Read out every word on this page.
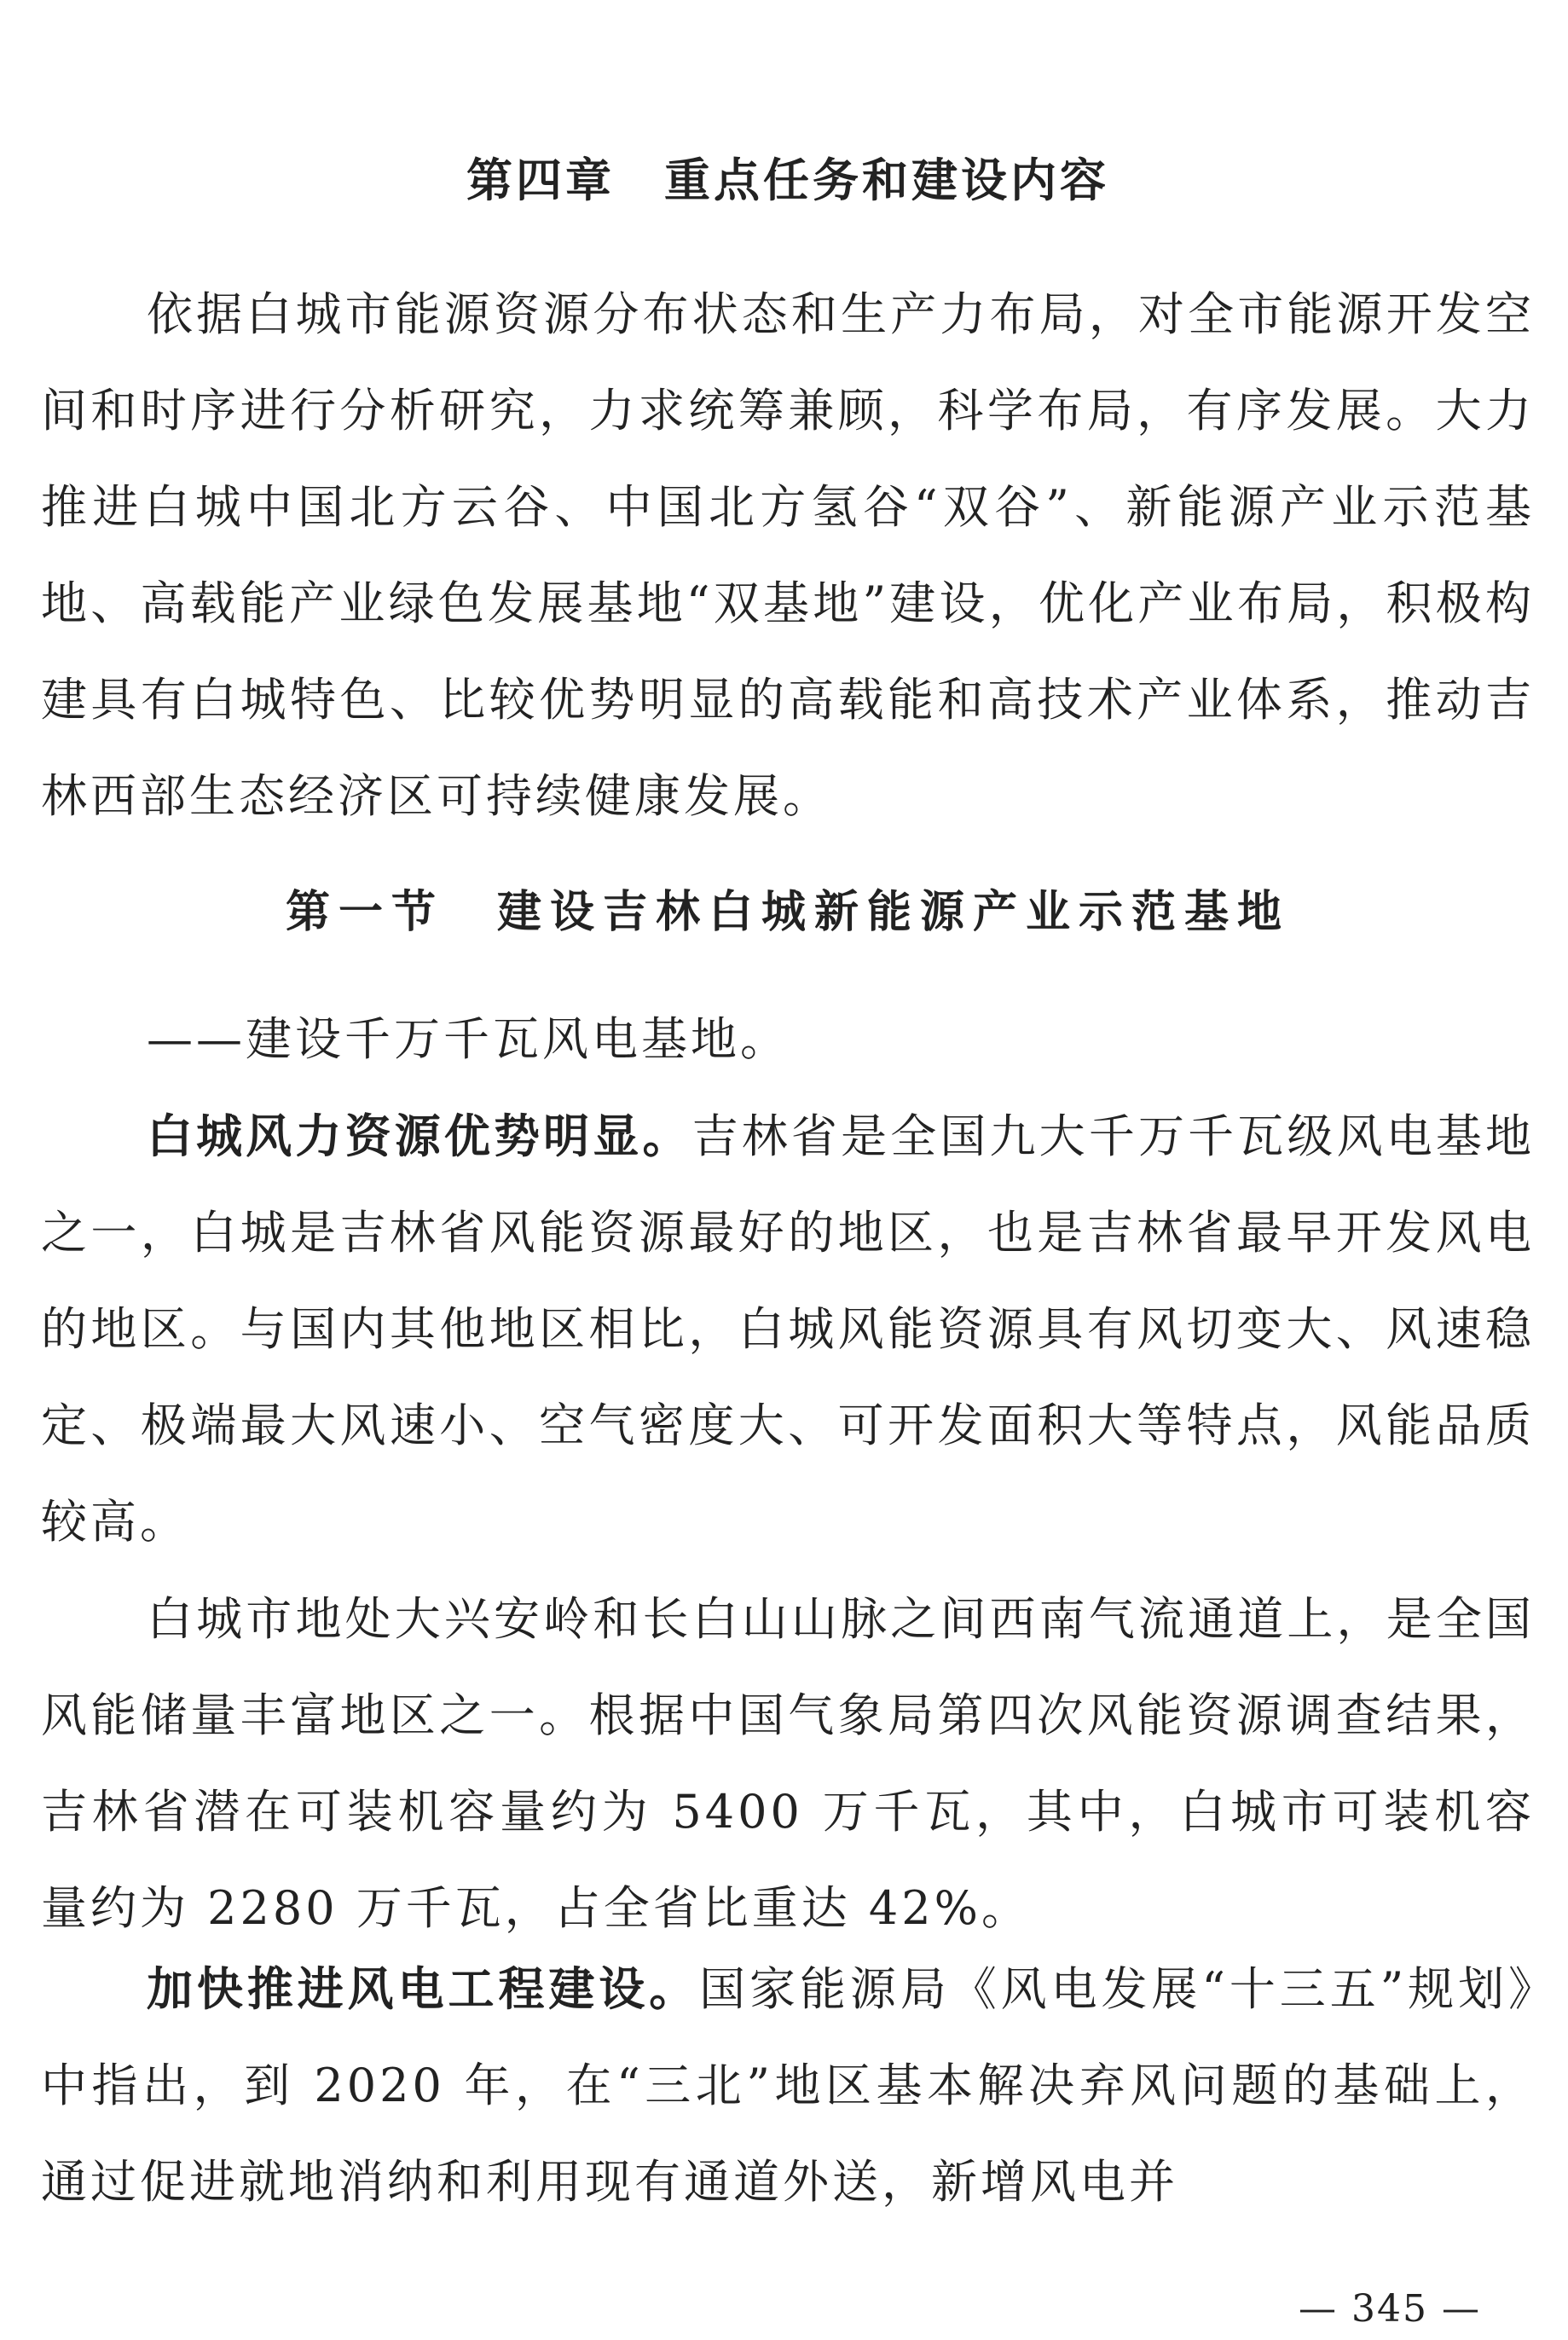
第四章　重点任务和建设内容

依据白城市能源资源分布状态和生产力布局，对全市能源开发空间和时序进行分析研究，力求统筹兼顾，科学布局，有序发展。大力推进白城中国北方云谷、中国北方氢谷“双谷”、新能源产业示范基地、高载能产业绿色发展基地“双基地”建设，优化产业布局，积极构建具有白城特色、比较优势明显的高载能和高技术产业体系，推动吉林西部生态经济区可持续健康发展。

第一节　建设吉林白城新能源产业示范基地

——建设千万千瓦风电基地。

白城风力资源优势明显。吉林省是全国九大千万千瓦级风电基地之一，白城是吉林省风能资源最好的地区，也是吉林省最早开发风电的地区。与国内其他地区相比，白城风能资源具有风切变大、风速稳定、极端最大风速小、空气密度大、可开发面积大等特点，风能品质较高。

白城市地处大兴安岭和长白山山脉之间西南气流通道上，是全国风能储量丰富地区之一。根据中国气象局第四次风能资源调查结果，吉林省潜在可装机容量约为 5400 万千瓦，其中，白城市可装机容量约为 2280 万千瓦，占全省比重达 42%。

加快推进风电工程建设。国家能源局《风电发展“十三五”规划》中指出，到 2020 年，在“三北”地区基本解决弃风问题的基础上，通过促进就地消纳和利用现有通道外送，新增风电并

— 345 —
